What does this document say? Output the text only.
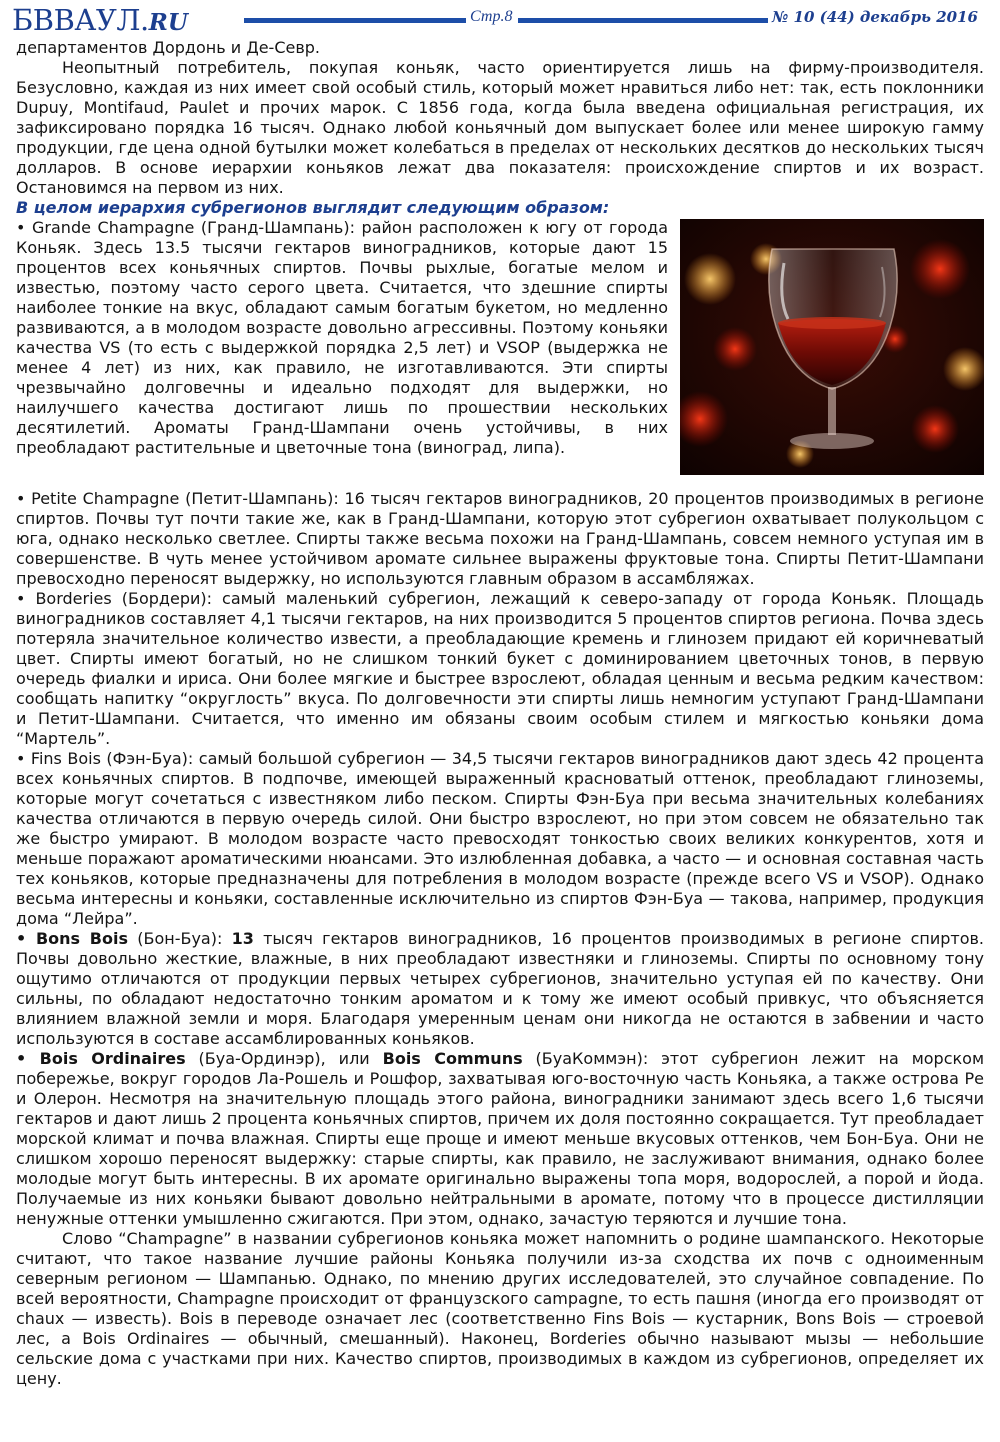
БВВАУЛ.RU	Стр.8	№ 10 (44) декабрь 2016

департаментов Дордонь и Де-Севр.

Неопытный потребитель, покупая коньяк, часто ориентируется лишь на фирму-производителя. Безусловно, каждая из них имеет свой особый стиль, который может нравиться либо нет: так, есть поклонники Dupuy, Montifaud, Paulet и прочих марок. С 1856 года, когда была введена официальная регистрация, их зафиксировано порядка 16 тысяч. Однако любой коньячный дом выпускает более или менее широкую гамму продукции, где цена одной бутылки может колебаться в пределах от нескольких десятков до нескольких тысяч долларов. В основе иерархии коньяков лежат два показателя: происхождение спиртов и их возраст. Остановимся на первом из них.

В целом иерархия субрегионов выглядит следующим образом:

• Grande Champagne (Гранд-Шампань): район расположен к югу от города Коньяк. Здесь 13.5 тысячи гектаров виноградников, которые дают 15 процентов всех коньячных спиртов. Почвы рыхлые, богатые мелом и известью, поэтому часто серого цвета. Считается, что здешние спирты наиболее тонкие на вкус, обладают самым богатым букетом, но медленно развиваются, а в молодом возрасте довольно агрессивны. Поэтому коньяки качества VS (то есть с выдержкой порядка 2,5 лет) и VSOP (выдержка не менее 4 лет) из них, как правило, не изготавливаются. Эти спирты чрезвычайно долговечны и идеально подходят для выдержки, но наилучшего качества достигают лишь по прошествии нескольких десятилетий. Ароматы Гранд-Шампани очень устойчивы, в них преобладают растительные и цветочные тона (виноград, липа).

• Petite Champagne (Петит-Шампань): 16 тысяч гектаров виноградников, 20 процентов производимых в регионе спиртов. Почвы тут почти такие же, как в Гранд-Шампани, которую этот субрегион охватывает полукольцом с юга, однако несколько светлее. Спирты также весьма похожи на Гранд-Шампань, совсем немного уступая им в совершенстве. В чуть менее устойчивом аромате сильнее выражены фруктовые тона. Спирты Петит-Шампани превосходно переносят выдержку, но используются главным образом в ассамбляжах.

• Borderies (Бордери): самый маленький субрегион, лежащий к северо-западу от города Коньяк. Площадь виноградников составляет 4,1 тысячи гектаров, на них производится 5 процентов спиртов региона. Почва здесь потеряла значительное количество извести, а преобладающие кремень и глинозем придают ей коричневатый цвет. Спирты имеют богатый, но не слишком тонкий букет с доминированием цветочных тонов, в первую очередь фиалки и ириса. Они более мягкие и быстрее взрослеют, обладая ценным и весьма редким качеством: сообщать напитку “округлость” вкуса. По долговечности эти спирты лишь немногим уступают Гранд-Шампани и Петит-Шампани. Считается, что именно им обязаны своим особым стилем и мягкостью коньяки дома “Мартель”.

• Fins Bois (Фэн-Буа): самый большой субрегион — 34,5 тысячи гектаров виноградников дают здесь 42 процента всех коньячных спиртов. В подпочве, имеющей выраженный красноватый оттенок, преобладают глиноземы, которые могут сочетаться с известняком либо песком. Спирты Фэн-Буа при весьма значительных колебаниях качества отличаются в первую очередь силой. Они быстро взрослеют, но при этом совсем не обязательно так же быстро умирают. В молодом возрасте часто превосходят тонкостью своих великих конкурентов, хотя и меньше поражают ароматическими нюансами. Это излюбленная добавка, а часто — и основная составная часть тех коньяков, которые предназначены для потребления в молодом возрасте (прежде всего VS и VSOP). Однако весьма интересны и коньяки, составленные исключительно из спиртов Фэн-Буа — такова, например, продукция дома “Лейра”.

• Bons Bois (Бон-Буа): 13 тысяч гектаров виноградников, 16 процентов производимых в регионе спиртов. Почвы довольно жесткие, влажные, в них преобладают известняки и глиноземы. Спирты по основному тону ощутимо отличаются от продукции первых четырех субрегионов, значительно уступая ей по качеству. Они сильны, по обладают недостаточно тонким ароматом и к тому же имеют особый привкус, что объясняется влиянием влажной земли и моря. Благодаря умеренным ценам они никогда не остаются в забвении и часто используются в составе ассамблированных коньяков.

• Bois Ordinaires (Буа-Ординэр), или Bois Communs (БуаКоммэн): этот субрегион лежит на морском побережье, вокруг городов Ла-Рошель и Рошфор, захватывая юго-восточную часть Коньяка, а также острова Ре и Олерон. Несмотря на значительную площадь этого района, виноградники занимают здесь всего 1,6 тысячи гектаров и дают лишь 2 процента коньячных спиртов, причем их доля постоянно сокращается. Тут преобладает морской климат и почва влажная. Спирты еще проще и имеют меньше вкусовых оттенков, чем Бон-Буа. Они не слишком хорошо переносят выдержку: старые спирты, как правило, не заслуживают внимания, однако более молодые могут быть интересны. В их аромате оригинально выражены топа моря, водорослей, а порой и йода. Получаемые из них коньяки бывают довольно нейтральными в аромате, потому что в процессе дистилляции ненужные оттенки умышленно сжигаются. При этом, однако, зачастую теряются и лучшие тона.

Слово “Champagne” в названии субрегионов коньяка может напомнить о родине шампанского. Некоторые считают, что такое название лучшие районы Коньяка получили из-за сходства их почв с одноименным северным регионом — Шампанью. Однако, по мнению других исследователей, это случайное совпадение. По всей вероятности, Champagne происходит от французского campagne, то есть пашня (иногда его производят от chaux — известь). Bois в переводе означает лес (соответственно Fins Bois — кустарник, Bons Bois — строевой лес, a Bois Ordinaires — обычный, смешанный). Наконец, Borderies обычно называют мызы — небольшие сельские дома с участками при них. Качество спиртов, производимых в каждом из субрегионов, определяет их цену.
